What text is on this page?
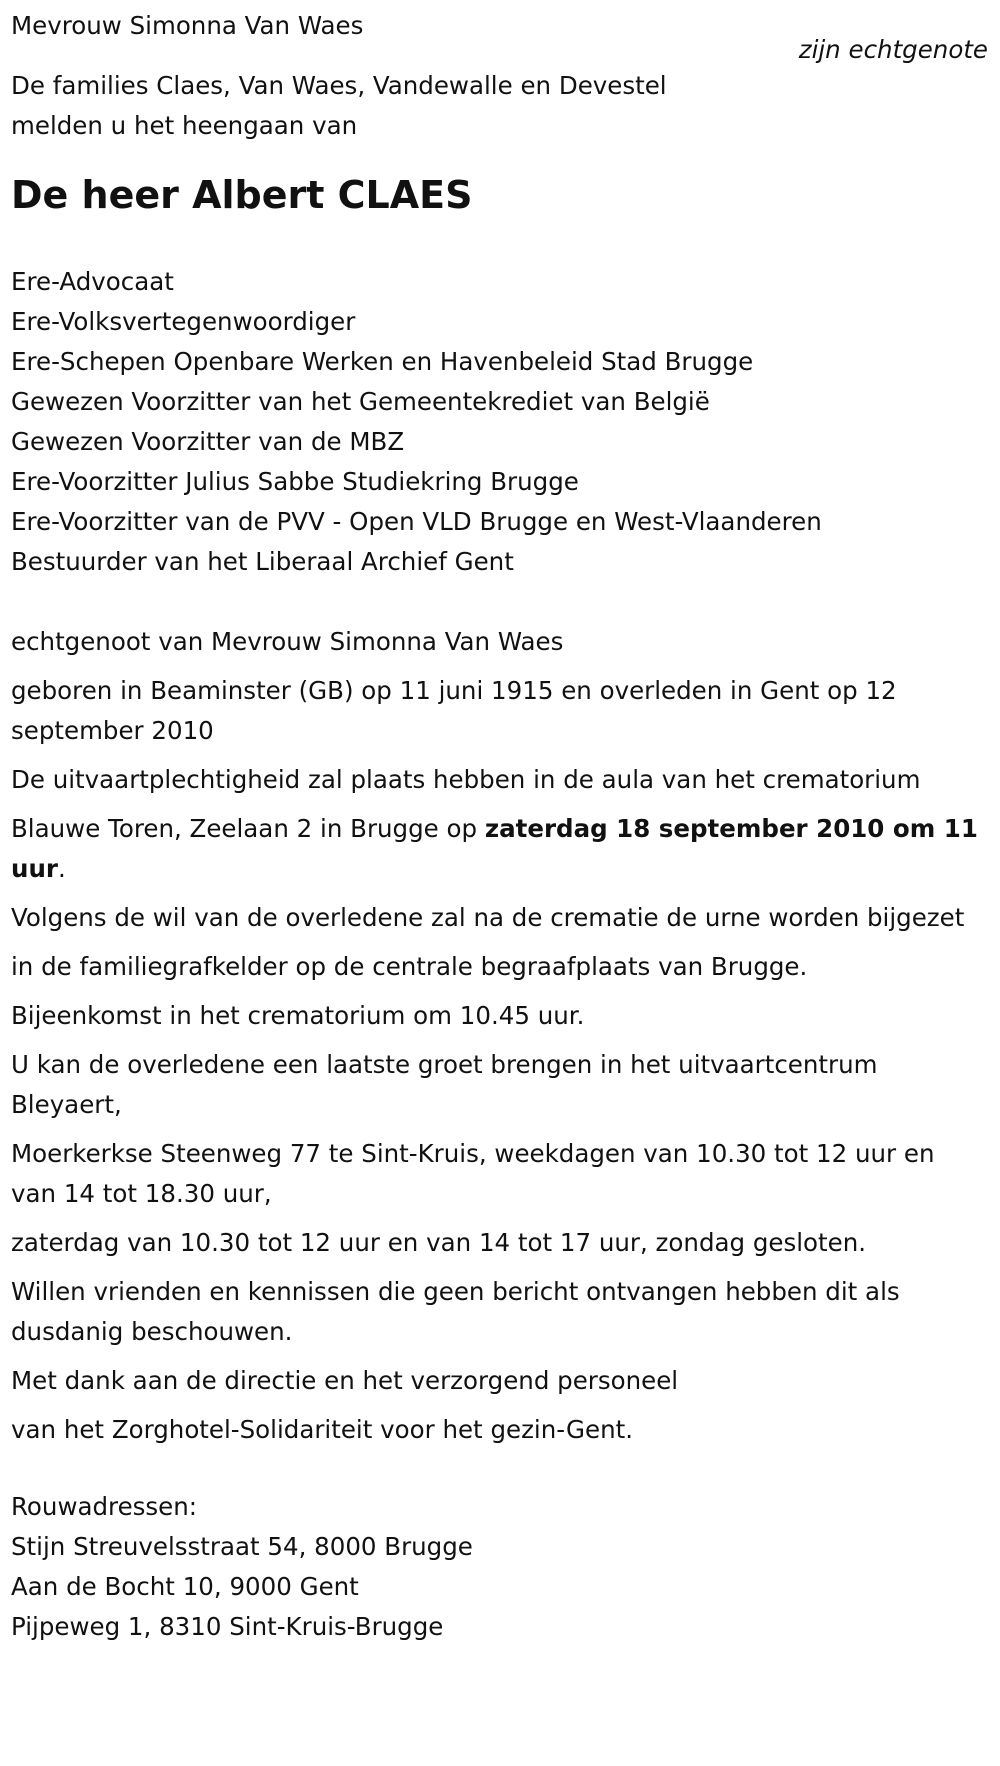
Mevrouw Simonna Van Waes
zijn echtgenote
De families Claes, Van Waes, Vandewalle en Devestel
melden u het heengaan van
De heer Albert CLAES
Ere-Advocaat
Ere-Volksvertegenwoordiger
Ere-Schepen Openbare Werken en Havenbeleid Stad Brugge
Gewezen Voorzitter van het Gemeentekrediet van België
Gewezen Voorzitter van de MBZ
Ere-Voorzitter Julius Sabbe Studiekring Brugge
Ere-Voorzitter van de PVV - Open VLD Brugge en West-Vlaanderen
Bestuurder van het Liberaal Archief Gent
echtgenoot van Mevrouw Simonna Van Waes
geboren in Beaminster (GB) op 11 juni 1915 en overleden in Gent op 12 september 2010
De uitvaartplechtigheid zal plaats hebben in de aula van het crematorium
Blauwe Toren, Zeelaan 2 in Brugge op zaterdag 18 september 2010 om 11 uur.
Volgens de wil van de overledene zal na de crematie de urne worden bijgezet
in de familiegrafkelder op de centrale begraafplaats van Brugge.
Bijeenkomst in het crematorium om 10.45 uur.
U kan de overledene een laatste groet brengen in het uitvaartcentrum Bleyaert,
Moerkerkse Steenweg 77 te Sint-Kruis, weekdagen van 10.30 tot 12 uur en van 14 tot 18.30 uur,
zaterdag van 10.30 tot 12 uur en van 14 tot 17 uur, zondag gesloten.
Willen vrienden en kennissen die geen bericht ontvangen hebben dit als dusdanig beschouwen.
Met dank aan de directie en het verzorgend personeel
van het Zorghotel-Solidariteit voor het gezin-Gent.
Rouwadressen:
Stijn Streuvelsstraat 54, 8000 Brugge
Aan de Bocht 10, 9000 Gent
Pijpeweg 1, 8310 Sint-Kruis-Brugge
